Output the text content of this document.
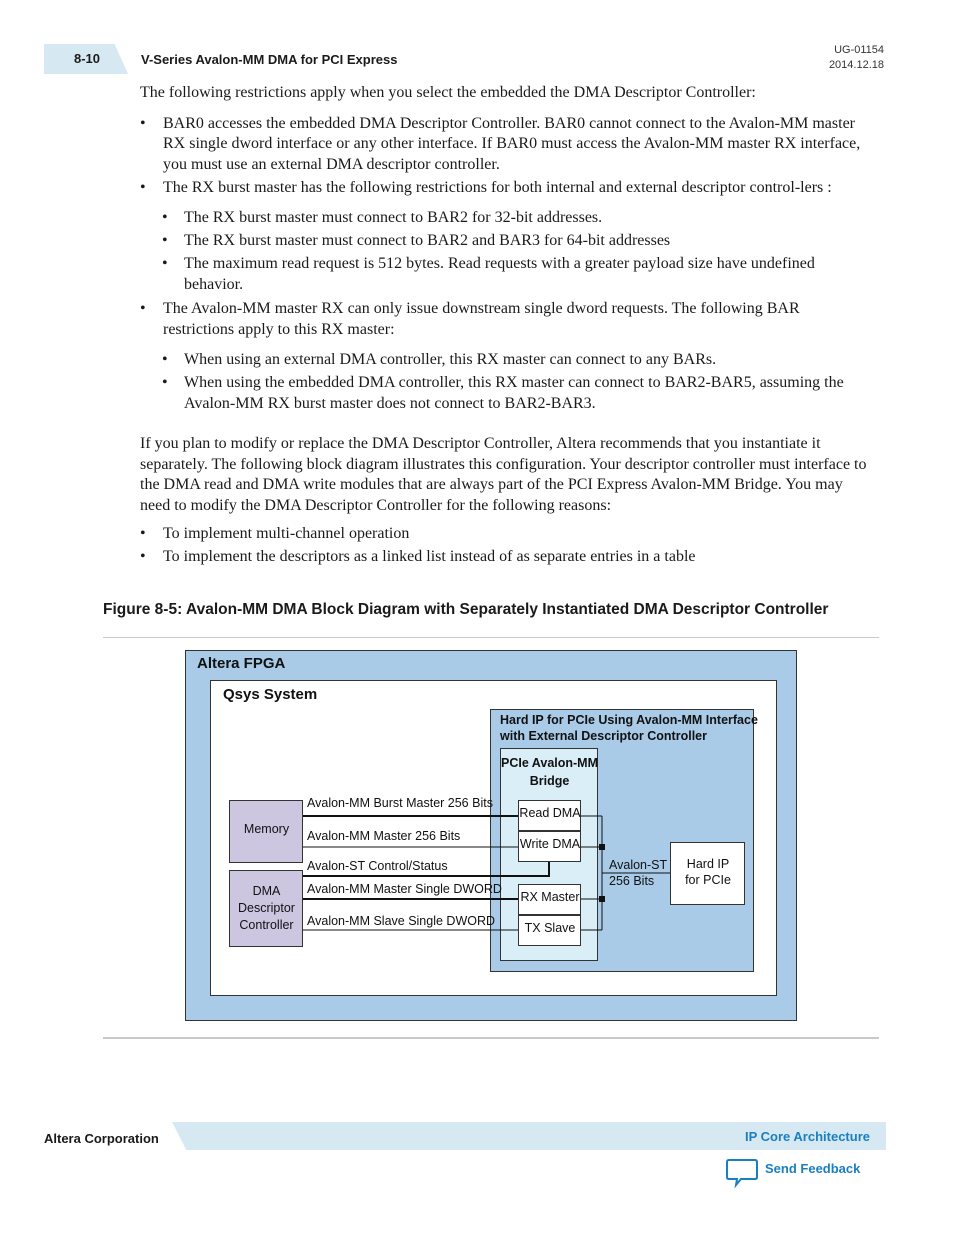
8-10	V-Series Avalon-MM DMA for PCI Express
UG-01154
2014.12.18

The following restrictions apply when you select the embedded the DMA Descriptor Controller:

• BAR0 accesses the embedded DMA Descriptor Controller. BAR0 cannot connect to the Avalon-MM master RX single dword interface or any other interface. If BAR0 must access the Avalon-MM master RX interface, you must use an external DMA descriptor controller.
• The RX burst master has the following restrictions for both internal and external descriptor control-lers :
• The RX burst master must connect to BAR2 for 32-bit addresses.
• The RX burst master must connect to BAR2 and BAR3 for 64-bit addresses
• The maximum read request is 512 bytes. Read requests with a greater payload size have undefined behavior.
• The Avalon-MM master RX can only issue downstream single dword requests. The following BAR restrictions apply to this RX master:
• When using an external DMA controller, this RX master can connect to any BARs.
• When using the embedded DMA controller, this RX master can connect to BAR2-BAR5, assuming the Avalon-MM RX burst master does not connect to BAR2-BAR3.

If you plan to modify or replace the DMA Descriptor Controller, Altera recommends that you instantiate it separately. The following block diagram illustrates this configuration. Your descriptor controller must interface to the DMA read and DMA write modules that are always part of the PCI Express Avalon-MM Bridge. You may need to modify the DMA Descriptor Controller for the following reasons:

• To implement multi-channel operation
• To implement the descriptors as a linked list instead of as separate entries in a table
Figure 8-5: Avalon-MM DMA Block Diagram with Separately Instantiated DMA Descriptor Controller
Altera FPGA
Qsys System
Hard IP for PCIe Using Avalon-MM Interface
with External Descriptor Controller
PCIe Avalon-MM
Bridge
Memory
DMA
Descriptor
Controller
Read DMA
Write DMA
RX Master
TX Slave
Hard IP
for PCIe
Avalon-MM Burst Master 256 Bits
Avalon-MM Master 256 Bits
Avalon-ST Control/Status
Avalon-MM Master Single DWORD
Avalon-MM Slave Single DWORD
Avalon-ST
256 Bits
Altera Corporation	IP Core Architecture
Send Feedback
